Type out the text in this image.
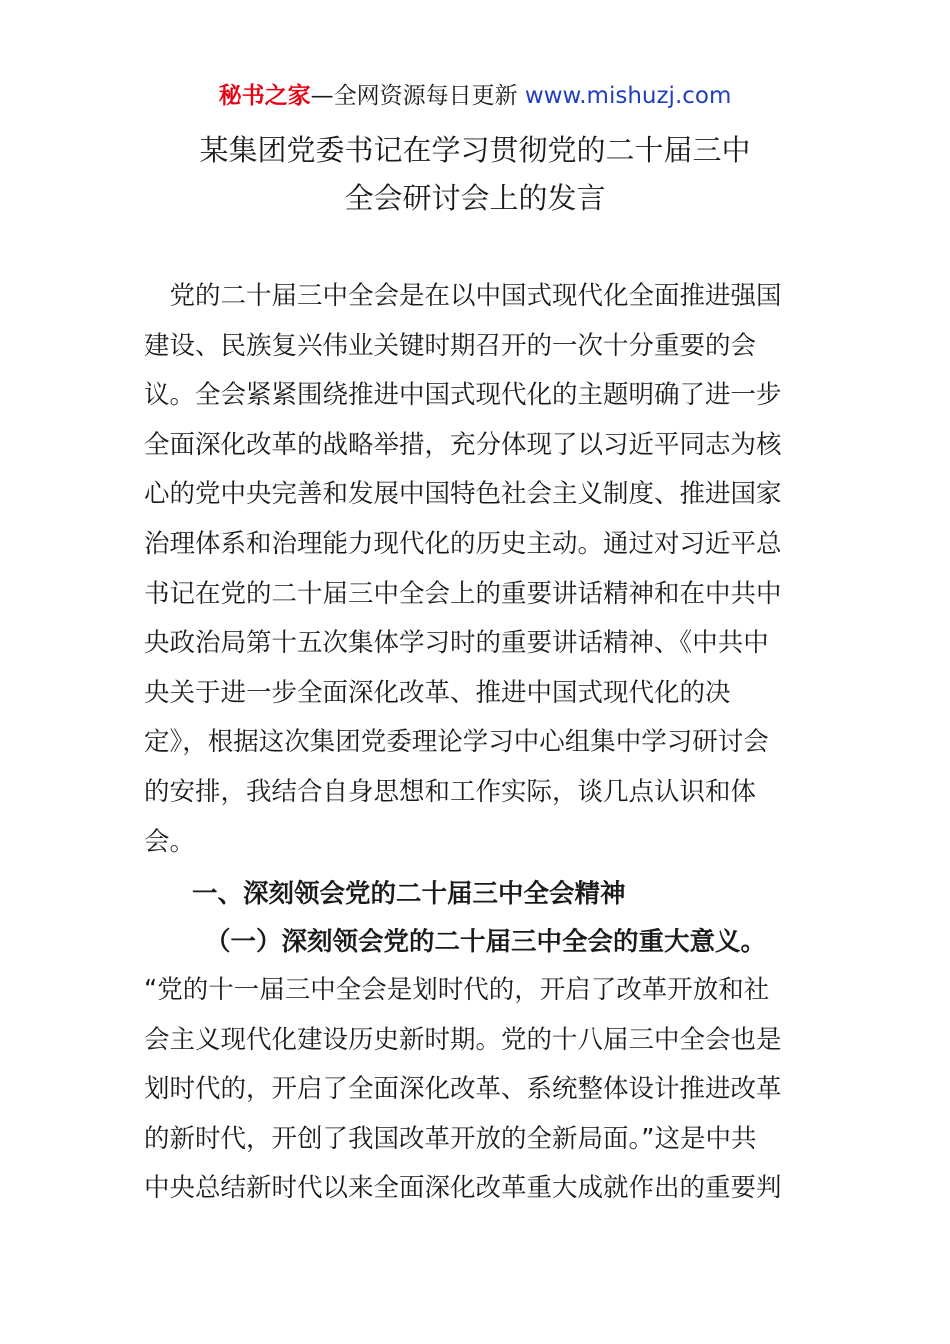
秘书之家—全网资源每日更新 www.mishuzj.com
某集团党委书记在学习贯彻党的二十届三中
全会研讨会上的发言
　党的二十届三中全会是在以中国式现代化全面推进强国
建设、民族复兴伟业关键时期召开的一次十分重要的会
议。全会紧紧围绕推进中国式现代化的主题明确了进一步
全面深化改革的战略举措，充分体现了以习近平同志为核
心的党中央完善和发展中国特色社会主义制度、推进国家
治理体系和治理能力现代化的历史主动。通过对习近平总
书记在党的二十届三中全会上的重要讲话精神和在中共中
央政治局第十五次集体学习时的重要讲话精神、《中共中
央关于进一步全面深化改革、推进中国式现代化的决
定》，根据这次集团党委理论学习中心组集中学习研讨会
的安排，我结合自身思想和工作实际，谈几点认识和体
会。
一、深刻领会党的二十届三中全会精神
（一）深刻领会党的二十届三中全会的重大意义。
“党的十一届三中全会是划时代的，开启了改革开放和社
会主义现代化建设历史新时期。党的十八届三中全会也是
划时代的，开启了全面深化改革、系统整体设计推进改革
的新时代，开创了我国改革开放的全新局面。”这是中共
中央总结新时代以来全面深化改革重大成就作出的重要判
